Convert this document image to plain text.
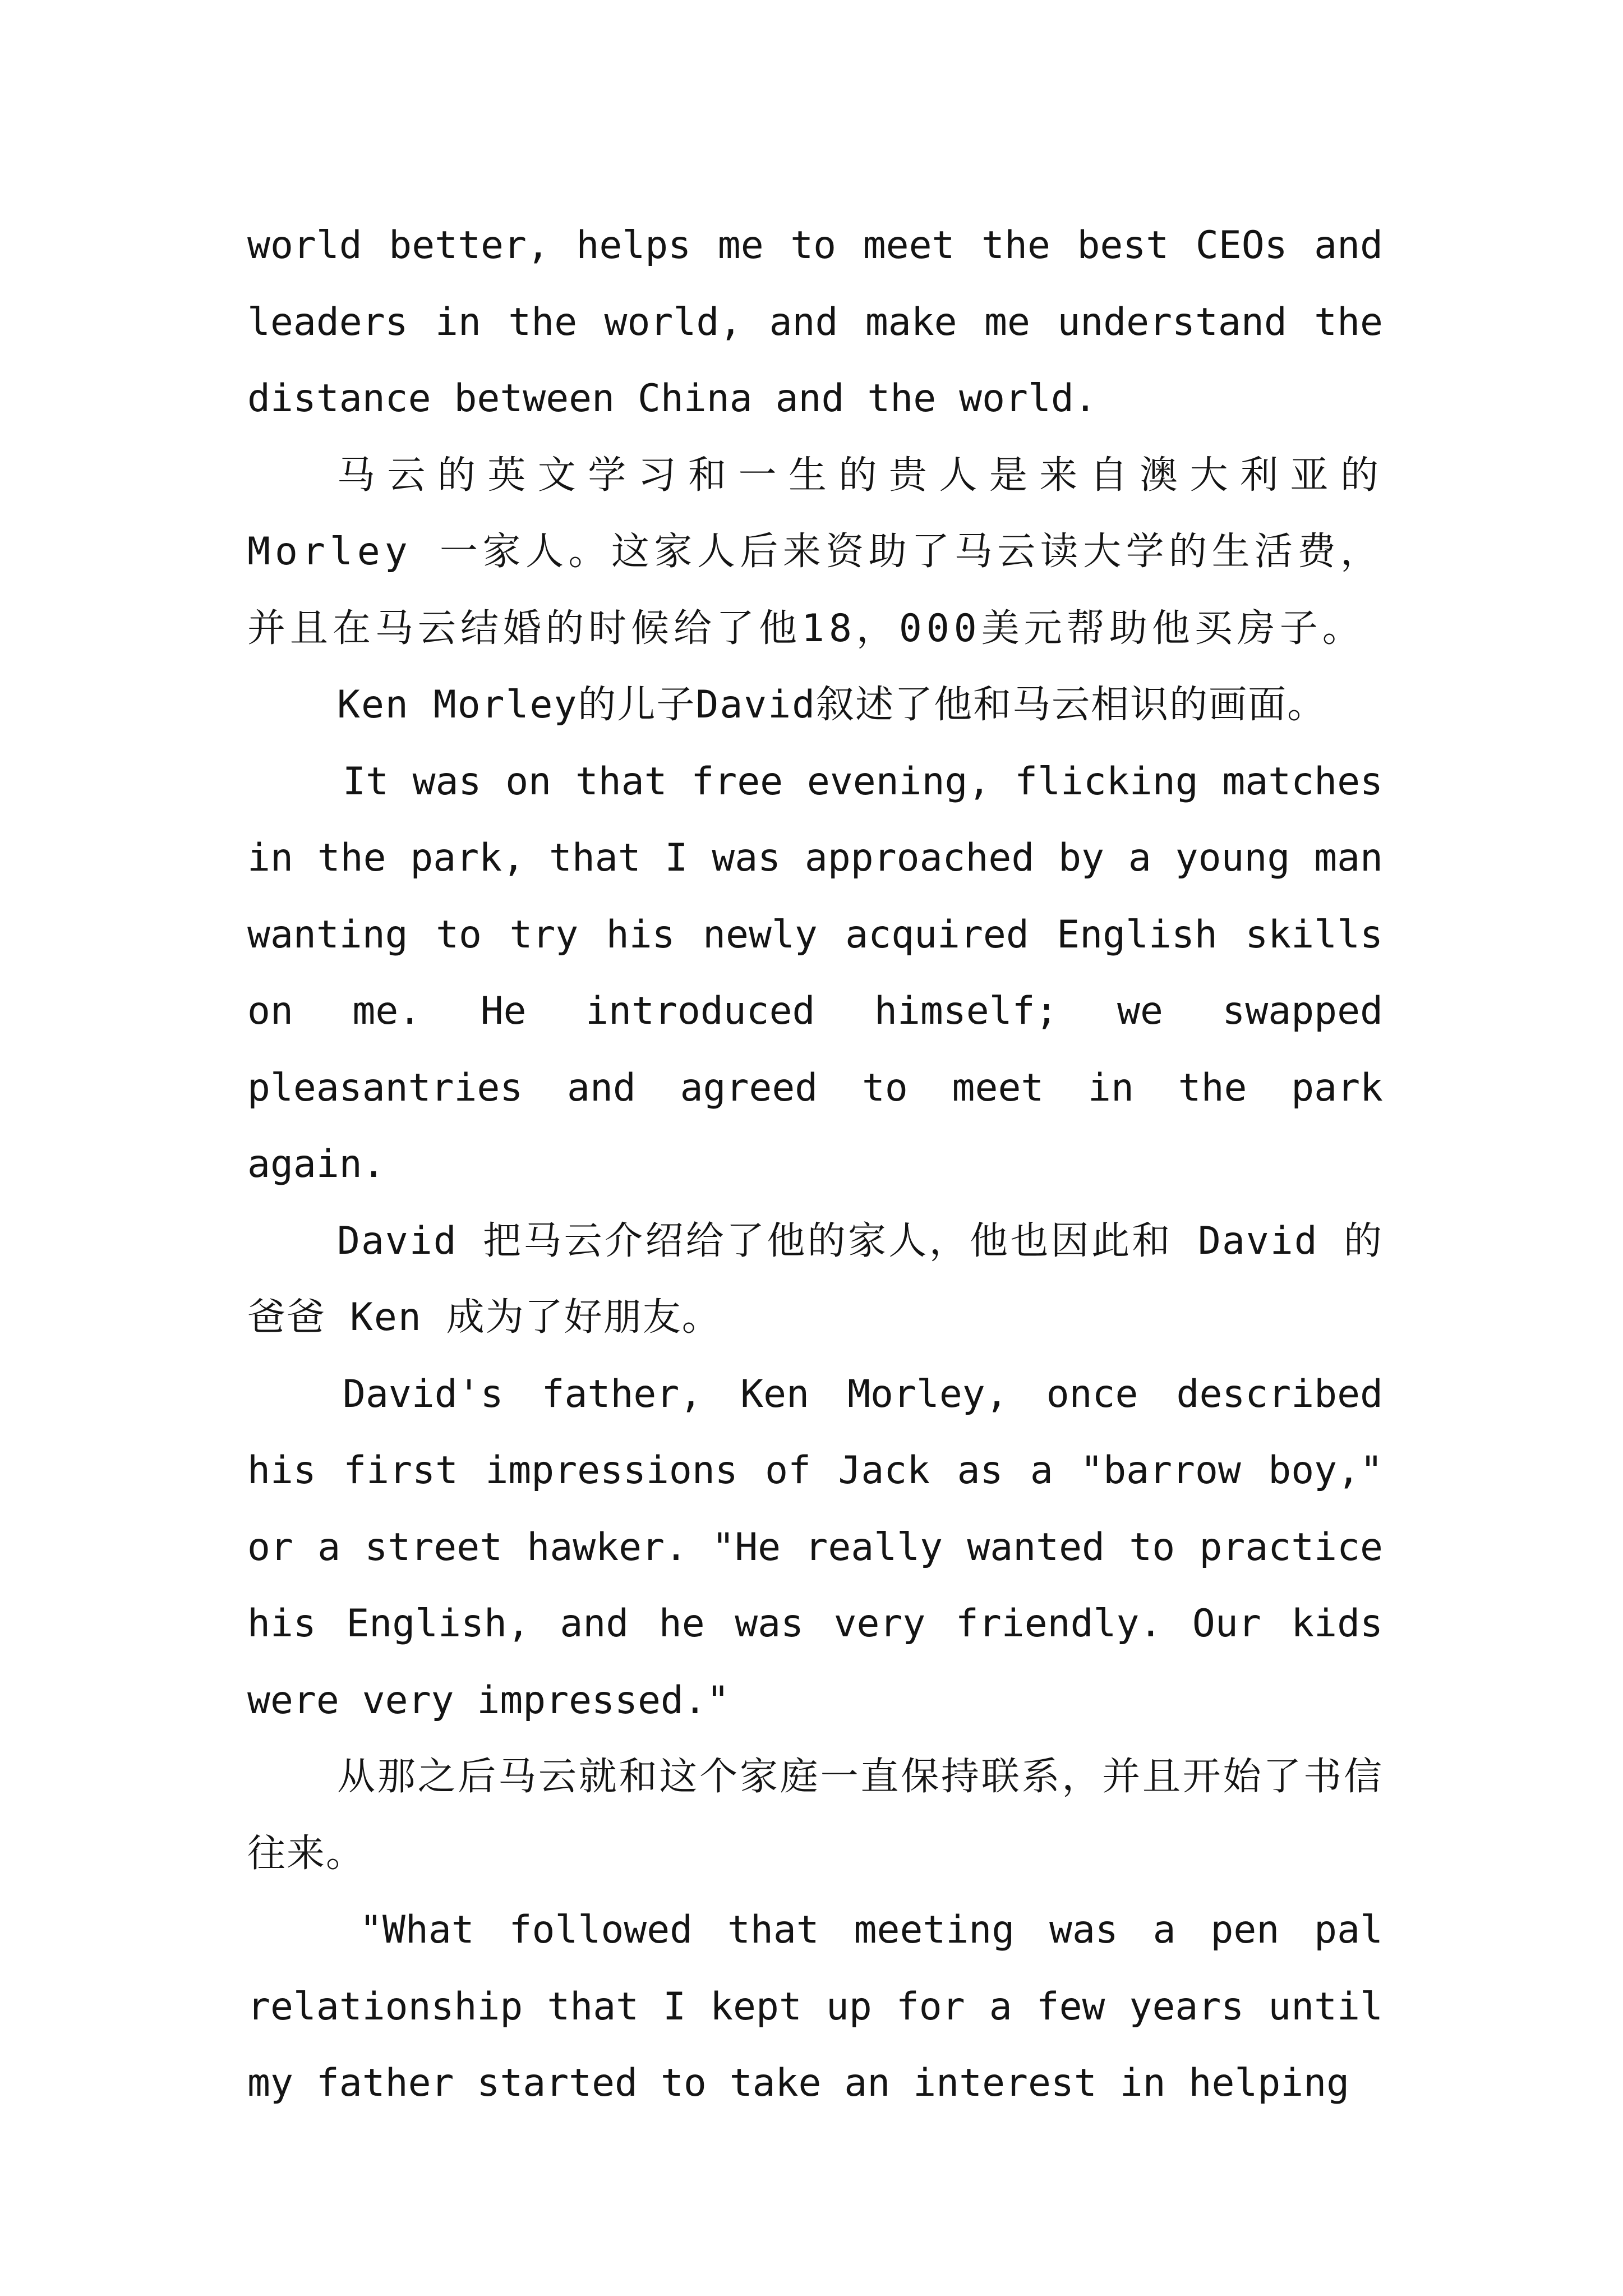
world better, helps me to meet the best CEOs and leaders in the world, and make me understand the distance between China and the world.

马云的英文学习和一生的贵人是来自澳大利亚的Morley 一家人。这家人后来资助了马云读大学的生活费，并且在马云结婚的时候给了他18，000美元帮助他买房子。

Ken Morley的儿子David叙述了他和马云相识的画面。

It was on that free evening, flicking matches in the park, that I was approached by a young man wanting to try his newly acquired English skills on me. He introduced himself; we swapped pleasantries and agreed to meet in the park again.

David 把马云介绍给了他的家人，他也因此和 David 的爸爸 Ken 成为了好朋友。

David's father, Ken Morley, once described his first impressions of Jack as a "barrow boy," or a street hawker. "He really wanted to practice his English, and he was very friendly. Our kids were very impressed."

从那之后马云就和这个家庭一直保持联系，并且开始了书信往来。

"What followed that meeting was a pen pal relationship that I kept up for a few years until my father started to take an interest in helping
